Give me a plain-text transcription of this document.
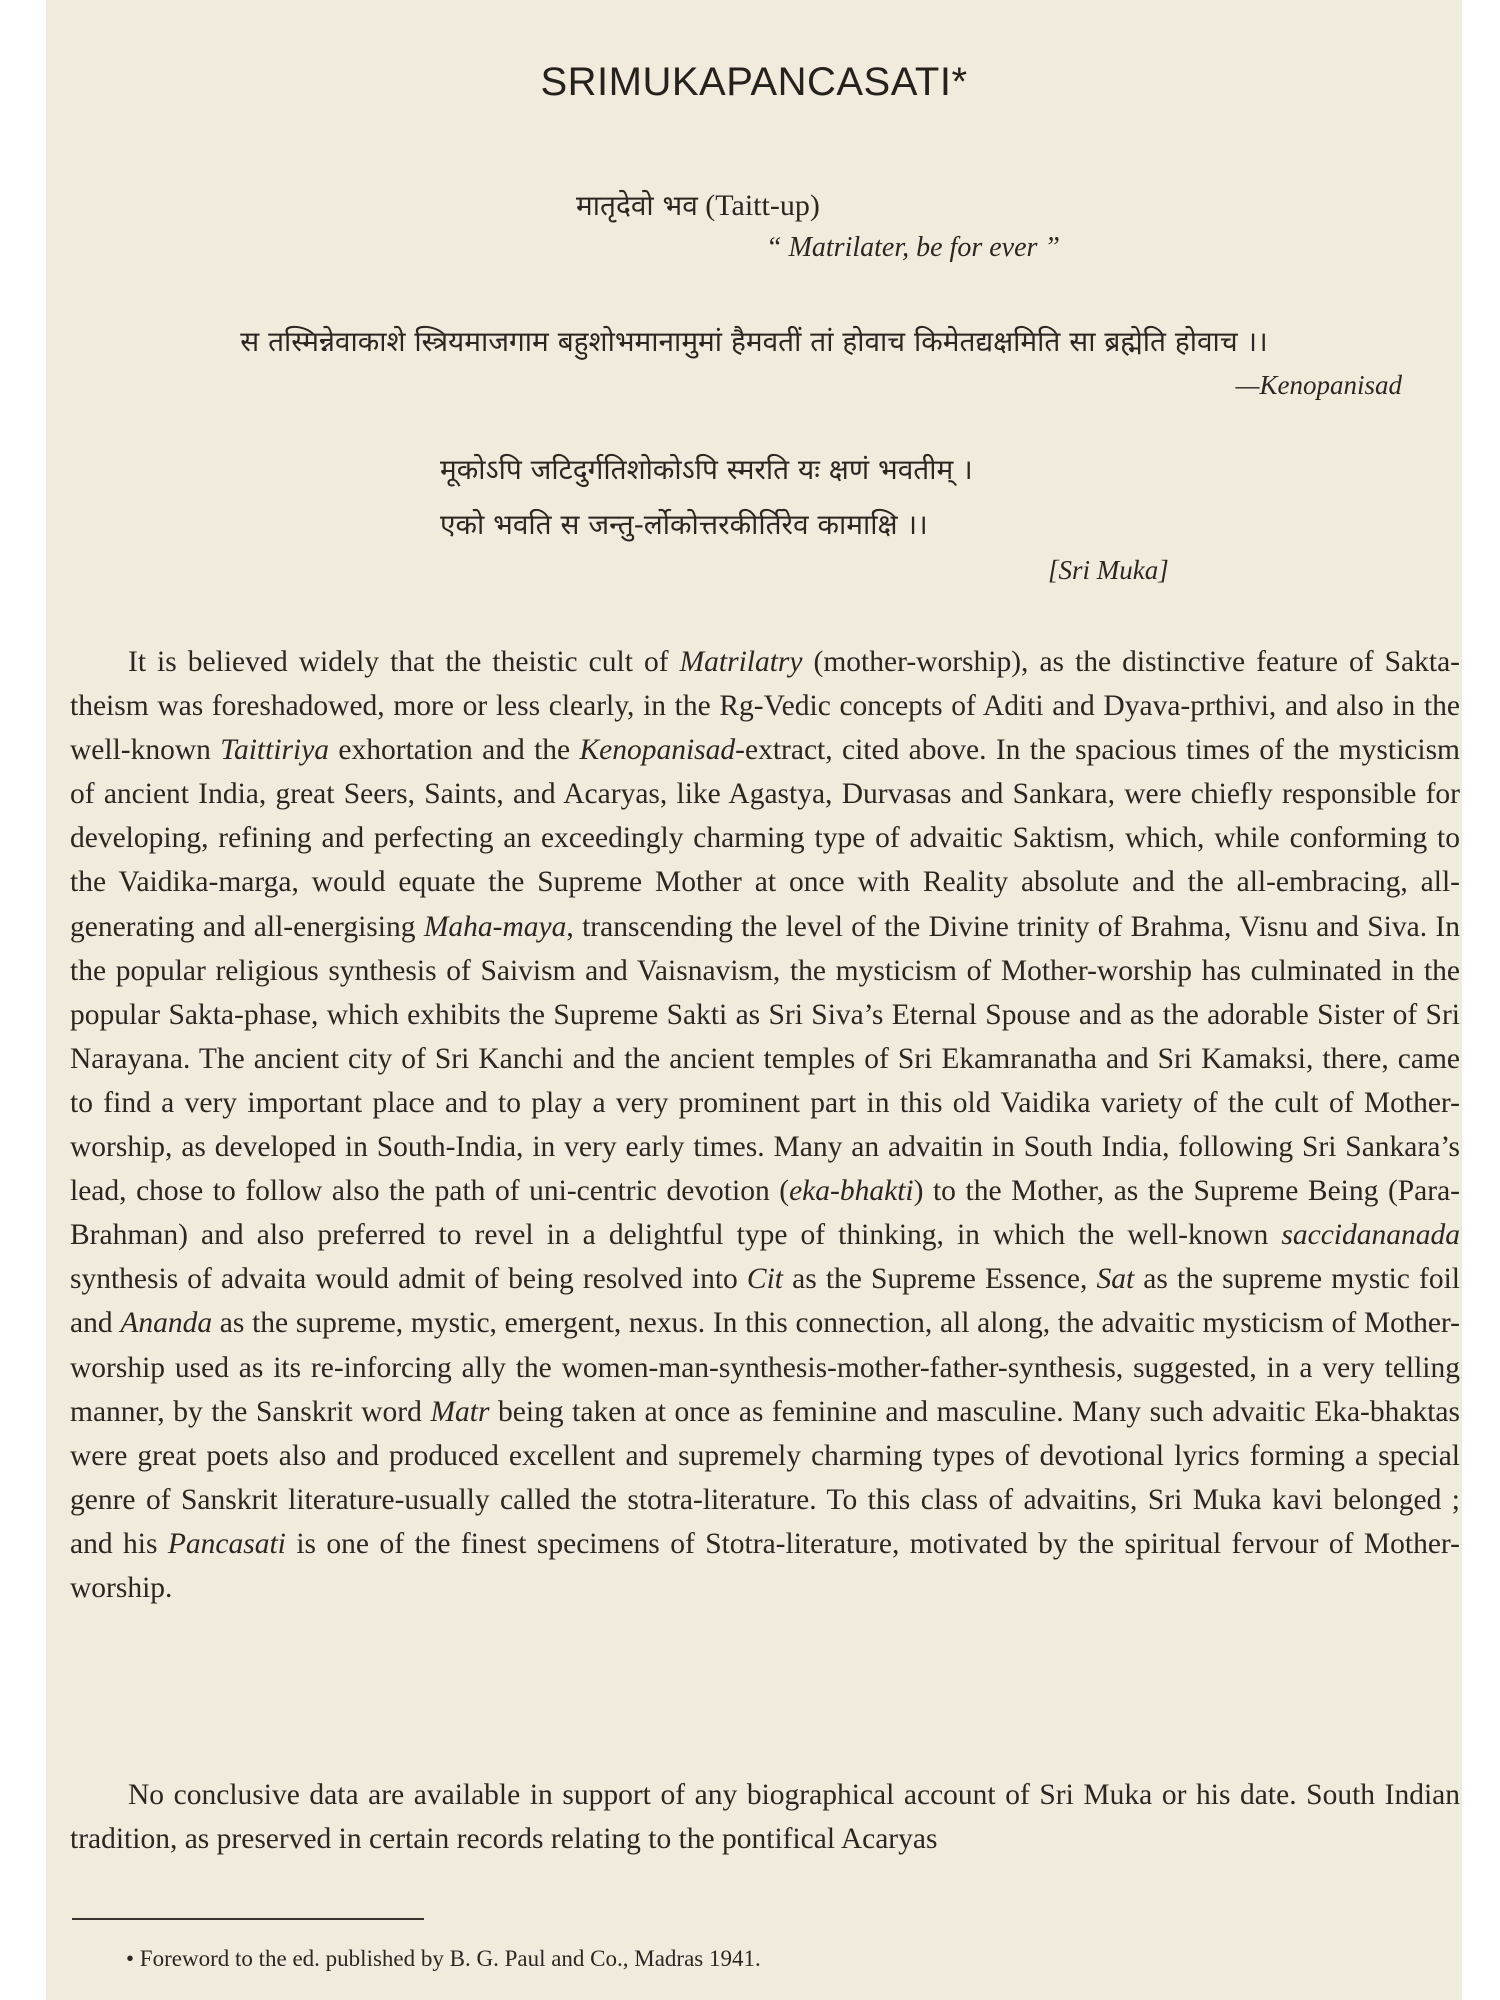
SRIMUKAPANCASATI*
मातृदेवो भव (Taitt-up)
“ Matrilater, be for ever ”
स तस्मिन्नेवाकाशे स्त्रियमाजगाम बहुशोभमानामुमां हैमवतीं तां होवाच किमेतद्यक्षमिति सा ब्रह्मेति होवाच ।।
—Kenopanisad
मूकोऽपि जटिदुर्गतिशोकोऽपि स्मरति यः क्षणं भवतीम् ।
एको भवति स जन्तु-र्लोकोत्तरकीर्तिरेव कामाक्षि ।।
[Sri Muka]
It is believed widely that the theistic cult of Matrilatry (mother-worship), as the distinctive feature of Sakta-theism was foreshadowed, more or less clearly, in the Rg-Vedic concepts of Aditi and Dyava-prthivi, and also in the well-known Taittiriya exhortation and the Kenopanisad-extract, cited above. In the spacious times of the mysticism of ancient India, great Seers, Saints, and Acaryas, like Agastya, Durvasas and Sankara, were chiefly responsible for developing, refining and perfecting an exceedingly charming type of advaitic Saktism, which, while conforming to the Vaidika-marga, would equate the Supreme Mother at once with Reality absolute and the all-embracing, all-generating and all-energising Maha-maya, transcending the level of the Divine trinity of Brahma, Visnu and Siva. In the popular religious synthesis of Saivism and Vaisnavism, the mysticism of Mother-worship has culminated in the popular Sakta-phase, which exhibits the Supreme Sakti as Sri Siva’s Eternal Spouse and as the adorable Sister of Sri Narayana. The ancient city of Sri Kanchi and the ancient temples of Sri Ekamranatha and Sri Kamaksi, there, came to find a very important place and to play a very prominent part in this old Vaidika variety of the cult of Mother-worship, as developed in South-India, in very early times. Many an advaitin in South India, following Sri Sankara’s lead, chose to follow also the path of uni-centric devotion (eka-bhakti) to the Mother, as the Supreme Being (Para-Brahman) and also preferred to revel in a delightful type of thinking, in which the well-known saccidananada synthesis of advaita would admit of being resolved into Cit as the Supreme Essence, Sat as the supreme mystic foil and Ananda as the supreme, mystic, emergent, nexus. In this connection, all along, the advaitic mysticism of Mother-worship used as its re-inforcing ally the women-man-synthesis-mother-father-synthesis, suggested, in a very telling manner, by the Sanskrit word Matr being taken at once as feminine and masculine. Many such advaitic Eka-bhaktas were great poets also and produced excellent and supremely charming types of devotional lyrics forming a special genre of Sanskrit literature-usually called the stotra-literature. To this class of advaitins, Sri Muka kavi belonged ; and his Pancasati is one of the finest specimens of Stotra-literature, motivated by the spiritual fervour of Mother-worship.
No conclusive data are available in support of any biographical account of Sri Muka or his date. South Indian tradition, as preserved in certain records relating to the pontifical Acaryas
• Foreword to the ed. published by B. G. Paul and Co., Madras 1941.
